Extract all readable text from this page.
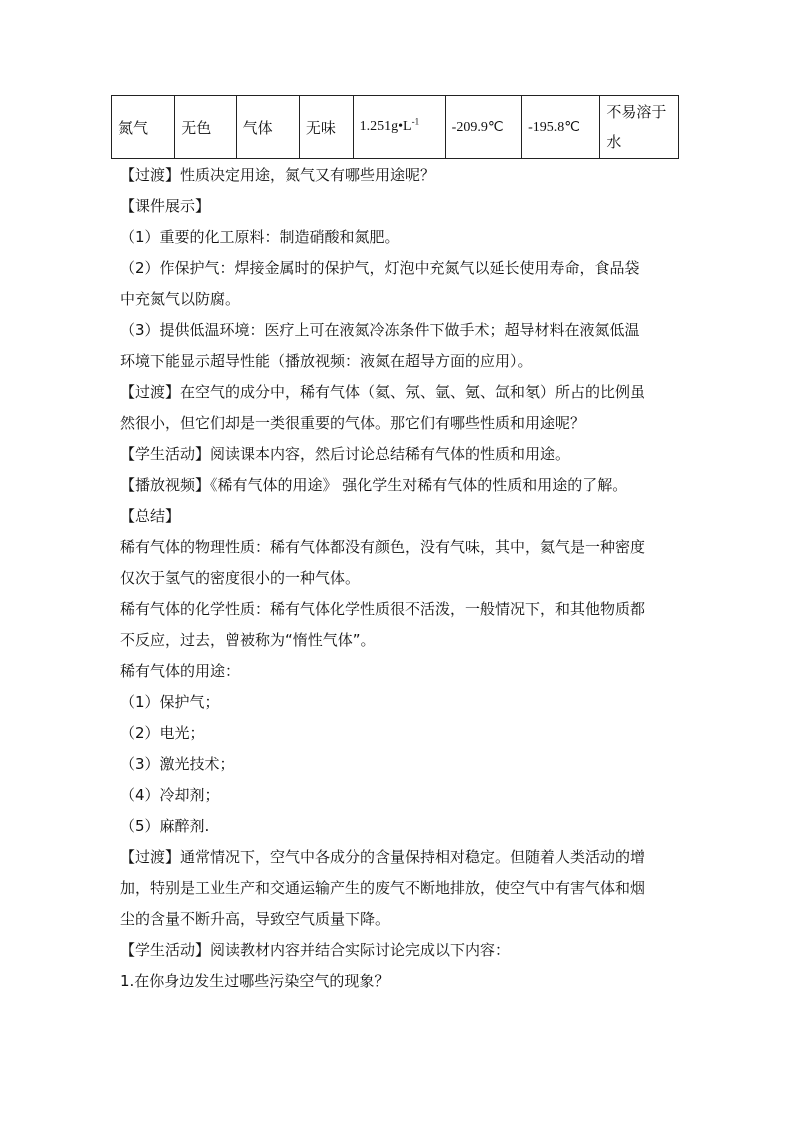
氮气	无色	气体	无味	$1.251g•L^{-1}$	-209.9℃	-195.8℃	不易溶于
水

【过渡】性质决定用途，氮气又有哪些用途呢？

【课件展示】

（1）重要的化工原料：制造硝酸和氮肥。

（2）作保护气：焊接金属时的保护气，灯泡中充氮气以延长使用寿命，食品袋

中充氮气以防腐。

（3）提供低温环境：医疗上可在液氮冷冻条件下做手术；超导材料在液氮低温

环境下能显示超导性能（播放视频：液氮在超导方面的应用）。

【过渡】在空气的成分中，稀有气体（氦、氖、氩、氪、氙和氡）所占的比例虽

然很小，但它们却是一类很重要的气体。那它们有哪些性质和用途呢？

【学生活动】阅读课本内容，然后讨论总结稀有气体的性质和用途。

【播放视频】《稀有气体的用途》 强化学生对稀有气体的性质和用途的了解。

【总结】

稀有气体的物理性质：稀有气体都没有颜色，没有气味，其中，氦气是一种密度

仅次于氢气的密度很小的一种气体。

稀有气体的化学性质：稀有气体化学性质很不活泼，一般情况下，和其他物质都

不反应，过去，曾被称为“惰性气体”。

稀有气体的用途：

（1）保护气；

（2）电光；

（3）激光技术；

（4）冷却剂；

（5）麻醉剂.

【过渡】通常情况下，空气中各成分的含量保持相对稳定。但随着人类活动的增

加，特别是工业生产和交通运输产生的废气不断地排放，使空气中有害气体和烟

尘的含量不断升高，导致空气质量下降。

【学生活动】阅读教材内容并结合实际讨论完成以下内容：

1.在你身边发生过哪些污染空气的现象？
